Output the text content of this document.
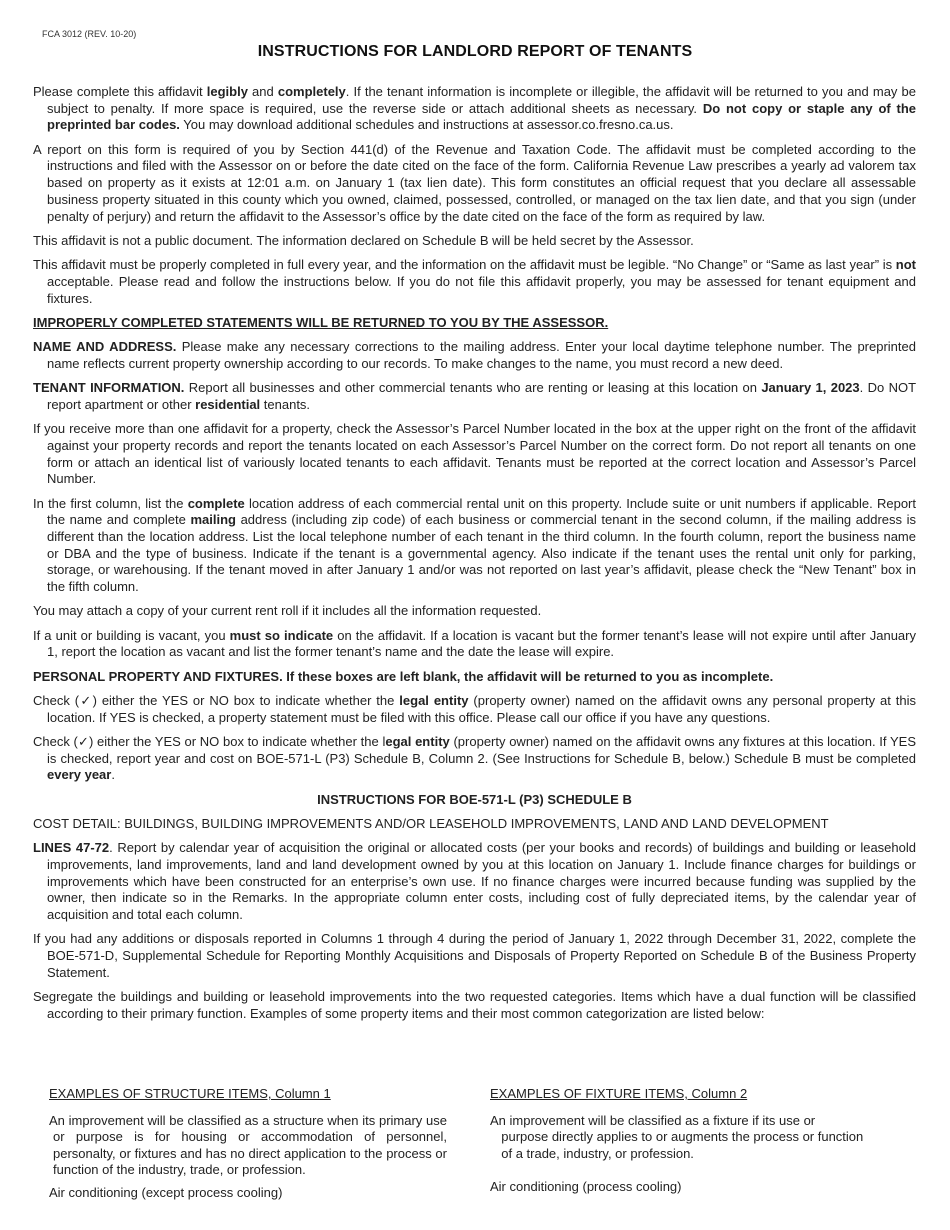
FCA 3012 (REV. 10-20)
INSTRUCTIONS FOR LANDLORD REPORT OF TENANTS

Please complete this affidavit legibly and completely. If the tenant information is incomplete or illegible, the affidavit will be returned to you and may be subject to penalty. If more space is required, use the reverse side or attach additional sheets as necessary. Do not copy or staple any of the preprinted bar codes. You may download additional schedules and instructions at assessor.co.fresno.ca.us.

A report on this form is required of you by Section 441(d) of the Revenue and Taxation Code. The affidavit must be completed according to the instructions and filed with the Assessor on or before the date cited on the face of the form. California Revenue Law prescribes a yearly ad valorem tax based on property as it exists at 12:01 a.m. on January 1 (tax lien date). This form constitutes an official request that you declare all assessable business property situated in this county which you owned, claimed, possessed, controlled, or managed on the tax lien date, and that you sign (under penalty of perjury) and return the affidavit to the Assessor’s office by the date cited on the face of the form as required by law.

This affidavit is not a public document. The information declared on Schedule B will be held secret by the Assessor.

This affidavit must be properly completed in full every year, and the information on the affidavit must be legible. “No Change” or “Same as last year” is not acceptable. Please read and follow the instructions below. If you do not file this affidavit properly, you may be assessed for tenant equipment and fixtures.

IMPROPERLY COMPLETED STATEMENTS WILL BE RETURNED TO YOU BY THE ASSESSOR.

NAME AND ADDRESS. Please make any necessary corrections to the mailing address. Enter your local daytime telephone number. The preprinted name reflects current property ownership according to our records. To make changes to the name, you must record a new deed.

TENANT INFORMATION. Report all businesses and other commercial tenants who are renting or leasing at this location on January 1, 2023. Do NOT report apartment or other residential tenants.

If you receive more than one affidavit for a property, check the Assessor’s Parcel Number located in the box at the upper right on the front of the affidavit against your property records and report the tenants located on each Assessor’s Parcel Number on the correct form. Do not report all tenants on one form or attach an identical list of variously located tenants to each affidavit. Tenants must be reported at the correct location and Assessor’s Parcel Number.

In the first column, list the complete location address of each commercial rental unit on this property. Include suite or unit numbers if applicable. Report the name and complete mailing address (including zip code) of each business or commercial tenant in the second column, if the mailing address is different than the location address. List the local telephone number of each tenant in the third column. In the fourth column, report the business name or DBA and the type of business. Indicate if the tenant is a governmental agency. Also indicate if the tenant uses the rental unit only for parking, storage, or warehousing. If the tenant moved in after January 1 and/or was not reported on last year’s affidavit, please check the “New Tenant” box in the fifth column.

You may attach a copy of your current rent roll if it includes all the information requested.

If a unit or building is vacant, you must so indicate on the affidavit. If a location is vacant but the former tenant’s lease will not expire until after January 1, report the location as vacant and list the former tenant’s name and the date the lease will expire.

PERSONAL PROPERTY AND FIXTURES. If these boxes are left blank, the affidavit will be returned to you as incomplete.

Check (✓) either the YES or NO box to indicate whether the legal entity (property owner) named on the affidavit owns any personal property at this location. If YES is checked, a property statement must be filed with this office. Please call our office if you have any questions.

Check (✓) either the YES or NO box to indicate whether the legal entity (property owner) named on the affidavit owns any fixtures at this location. If YES is checked, report year and cost on BOE-571-L (P3) Schedule B, Column 2. (See Instructions for Schedule B, below.) Schedule B must be completed every year.

INSTRUCTIONS FOR BOE-571-L (P3) SCHEDULE B

COST DETAIL: BUILDINGS, BUILDING IMPROVEMENTS AND/OR LEASEHOLD IMPROVEMENTS, LAND AND LAND DEVELOPMENT

LINES 47-72. Report by calendar year of acquisition the original or allocated costs (per your books and records) of buildings and building or leasehold improvements, land improvements, land and land development owned by you at this location on January 1. Include finance charges for buildings or improvements which have been constructed for an enterprise’s own use. If no finance charges were incurred because funding was supplied by the owner, then indicate so in the Remarks. In the appropriate column enter costs, including cost of fully depreciated items, by the calendar year of acquisition and total each column.

If you had any additions or disposals reported in Columns 1 through 4 during the period of January 1, 2022 through December 31, 2022, complete the BOE-571-D, Supplemental Schedule for Reporting Monthly Acquisitions and Disposals of Property Reported on Schedule B of the Business Property Statement.

Segregate the buildings and building or leasehold improvements into the two requested categories. Items which have a dual function will be classified according to their primary function. Examples of some property items and their most common categorization are listed below:

EXAMPLES OF STRUCTURE ITEMS, Column 1

An improvement will be classified as a structure when its primary use or purpose is for housing or accommodation of personnel, personalty, or fixtures and has no direct application to the process or function of the industry, trade, or profession.

Air conditioning (except process cooling)

EXAMPLES OF FIXTURE ITEMS, Column 2

An improvement will be classified as a fixture if its use or
purpose directly applies to or augments the process or function
of a trade, industry, or profession.

Air conditioning (process cooling)
